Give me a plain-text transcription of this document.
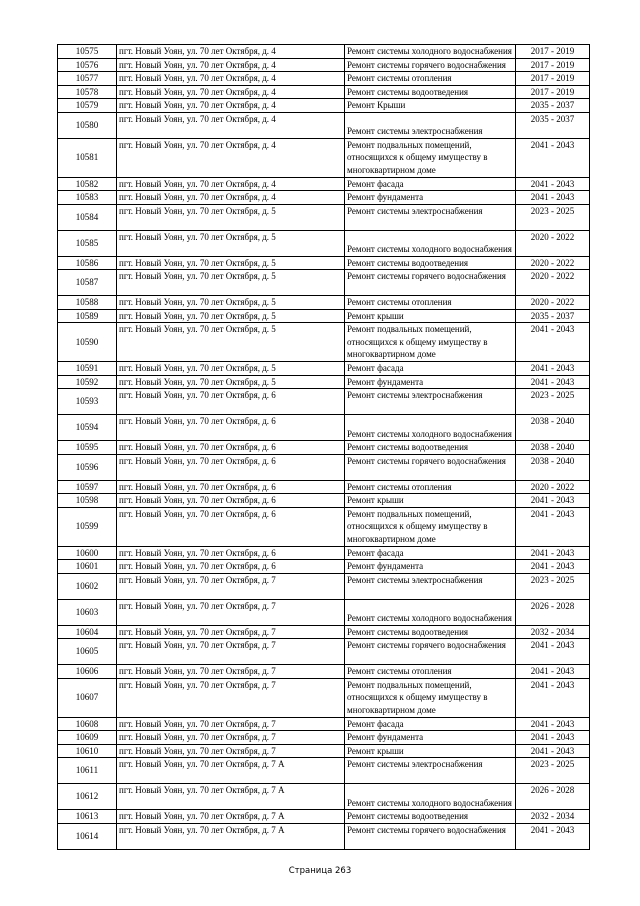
10575	пгт. Новый Уоян, ул. 70 лет Октября, д. 4	Ремонт системы холодного водоснабжения	2017 - 2019
10576	пгт. Новый Уоян, ул. 70 лет Октября, д. 4	Ремонт системы горячего водоснабжения	2017 - 2019
10577	пгт. Новый Уоян, ул. 70 лет Октября, д. 4	Ремонт системы отопления	2017 - 2019
10578	пгт. Новый Уоян, ул. 70 лет Октября, д. 4	Ремонт системы водоотведения	2017 - 2019
10579	пгт. Новый Уоян, ул. 70 лет Октября, д. 4	Ремонт Крыши	2035 - 2037
10580	пгт. Новый Уоян, ул. 70 лет Октября, д. 4	Ремонт системы электроснабжения	2035 - 2037
10581	пгт. Новый Уоян, ул. 70 лет Октября, д. 4	Ремонт подвальных помещений, относящихся к общему имуществу в многоквартирном доме	2041 - 2043
10582	пгт. Новый Уоян, ул. 70 лет Октября, д. 4	Ремонт фасада	2041 - 2043
10583	пгт. Новый Уоян, ул. 70 лет Октября, д. 4	Ремонт фундамента	2041 - 2043
10584	пгт. Новый Уоян, ул. 70 лет Октября, д. 5	Ремонт системы электроснабжения	2023 - 2025
10585	пгт. Новый Уоян, ул. 70 лет Октября, д. 5	Ремонт системы холодного водоснабжения	2020 - 2022
10586	пгт. Новый Уоян, ул. 70 лет Октября, д. 5	Ремонт системы водоотведения	2020 - 2022
10587	пгт. Новый Уоян, ул. 70 лет Октября, д. 5	Ремонт системы горячего водоснабжения	2020 - 2022
10588	пгт. Новый Уоян, ул. 70 лет Октября, д. 5	Ремонт системы отопления	2020 - 2022
10589	пгт. Новый Уоян, ул. 70 лет Октября, д. 5	Ремонт крыши	2035 - 2037
10590	пгт. Новый Уоян, ул. 70 лет Октября, д. 5	Ремонт подвальных помещений, относящихся к общему имуществу в многоквартирном доме	2041 - 2043
10591	пгт. Новый Уоян, ул. 70 лет Октября, д. 5	Ремонт фасада	2041 - 2043
10592	пгт. Новый Уоян, ул. 70 лет Октября, д. 5	Ремонт фундамента	2041 - 2043
10593	пгт. Новый Уоян, ул. 70 лет Октября, д. 6	Ремонт системы электроснабжения	2023 - 2025
10594	пгт. Новый Уоян, ул. 70 лет Октября, д. 6	Ремонт системы холодного водоснабжения	2038 - 2040
10595	пгт. Новый Уоян, ул. 70 лет Октября, д. 6	Ремонт системы водоотведения	2038 - 2040
10596	пгт. Новый Уоян, ул. 70 лет Октября, д. 6	Ремонт системы горячего водоснабжения	2038 - 2040
10597	пгт. Новый Уоян, ул. 70 лет Октября, д. 6	Ремонт системы отопления	2020 - 2022
10598	пгт. Новый Уоян, ул. 70 лет Октября, д. 6	Ремонт крыши	2041 - 2043
10599	пгт. Новый Уоян, ул. 70 лет Октября, д. 6	Ремонт подвальных помещений, относящихся к общему имуществу в многоквартирном доме	2041 - 2043
10600	пгт. Новый Уоян, ул. 70 лет Октября, д. 6	Ремонт фасада	2041 - 2043
10601	пгт. Новый Уоян, ул. 70 лет Октября, д. 6	Ремонт фундамента	2041 - 2043
10602	пгт. Новый Уоян, ул. 70 лет Октября, д. 7	Ремонт системы электроснабжения	2023 - 2025
10603	пгт. Новый Уоян, ул. 70 лет Октября, д. 7	Ремонт системы холодного водоснабжения	2026 - 2028
10604	пгт. Новый Уоян, ул. 70 лет Октября, д. 7	Ремонт системы водоотведения	2032 - 2034
10605	пгт. Новый Уоян, ул. 70 лет Октября, д. 7	Ремонт системы горячего водоснабжения	2041 - 2043
10606	пгт. Новый Уоян, ул. 70 лет Октября, д. 7	Ремонт системы отопления	2041 - 2043
10607	пгт. Новый Уоян, ул. 70 лет Октября, д. 7	Ремонт подвальных помещений, относящихся к общему имуществу в многоквартирном доме	2041 - 2043
10608	пгт. Новый Уоян, ул. 70 лет Октября, д. 7	Ремонт фасада	2041 - 2043
10609	пгт. Новый Уоян, ул. 70 лет Октября, д. 7	Ремонт фундамента	2041 - 2043
10610	пгт. Новый Уоян, ул. 70 лет Октября, д. 7	Ремонт крыши	2041 - 2043
10611	пгт. Новый Уоян, ул. 70 лет Октября, д. 7 А	Ремонт системы электроснабжения	2023 - 2025
10612	пгт. Новый Уоян, ул. 70 лет Октября, д. 7 А	Ремонт системы холодного водоснабжения	2026 - 2028
10613	пгт. Новый Уоян, ул. 70 лет Октября, д. 7 А	Ремонт системы водоотведения	2032 - 2034
10614	пгт. Новый Уоян, ул. 70 лет Октября, д. 7 А	Ремонт системы горячего водоснабжения	2041 - 2043
Страница 263
